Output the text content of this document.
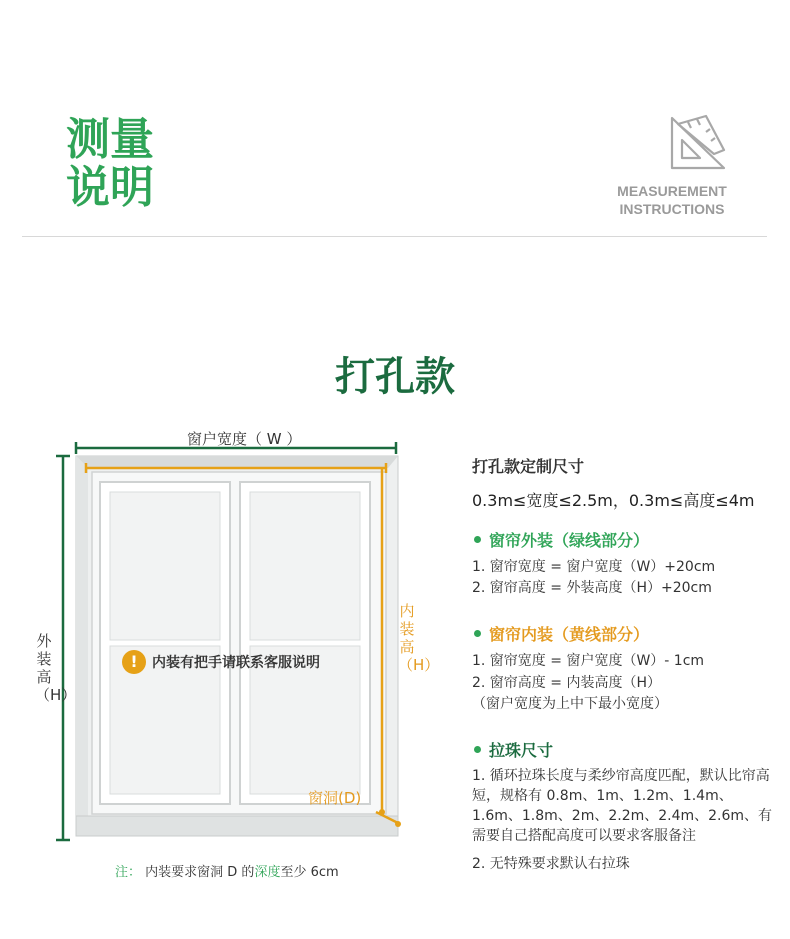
测量说明	MEASUREMENT
INSTRUCTIONS
打孔款
窗户宽度（ W ）
外装高（H）
内装高（H）
窗洞(D)
!	内装有把手请联系客服说明
注： 内装要求窗洞 D 的深度至少 6cm
打孔款定制尺寸
0.3m≤宽度≤2.5m，0.3m≤高度≤4m
窗帘外装（绿线部分）
1. 窗帘宽度 = 窗户宽度（W）+20cm
2. 窗帘高度 = 外装高度（H）+20cm
窗帘内装（黄线部分）
1. 窗帘宽度 = 窗户宽度（W）- 1cm
2. 窗帘高度 = 内装高度（H）
（窗户宽度为上中下最小宽度）
拉珠尺寸
1. 循环拉珠长度与柔纱帘高度匹配，默认比帘高短，规格有 0.8m、1m、1.2m、1.4m、1.6m、1.8m、2m、2.2m、2.4m、2.6m、有需要自己搭配高度可以要求客服备注
2. 无特殊要求默认右拉珠
